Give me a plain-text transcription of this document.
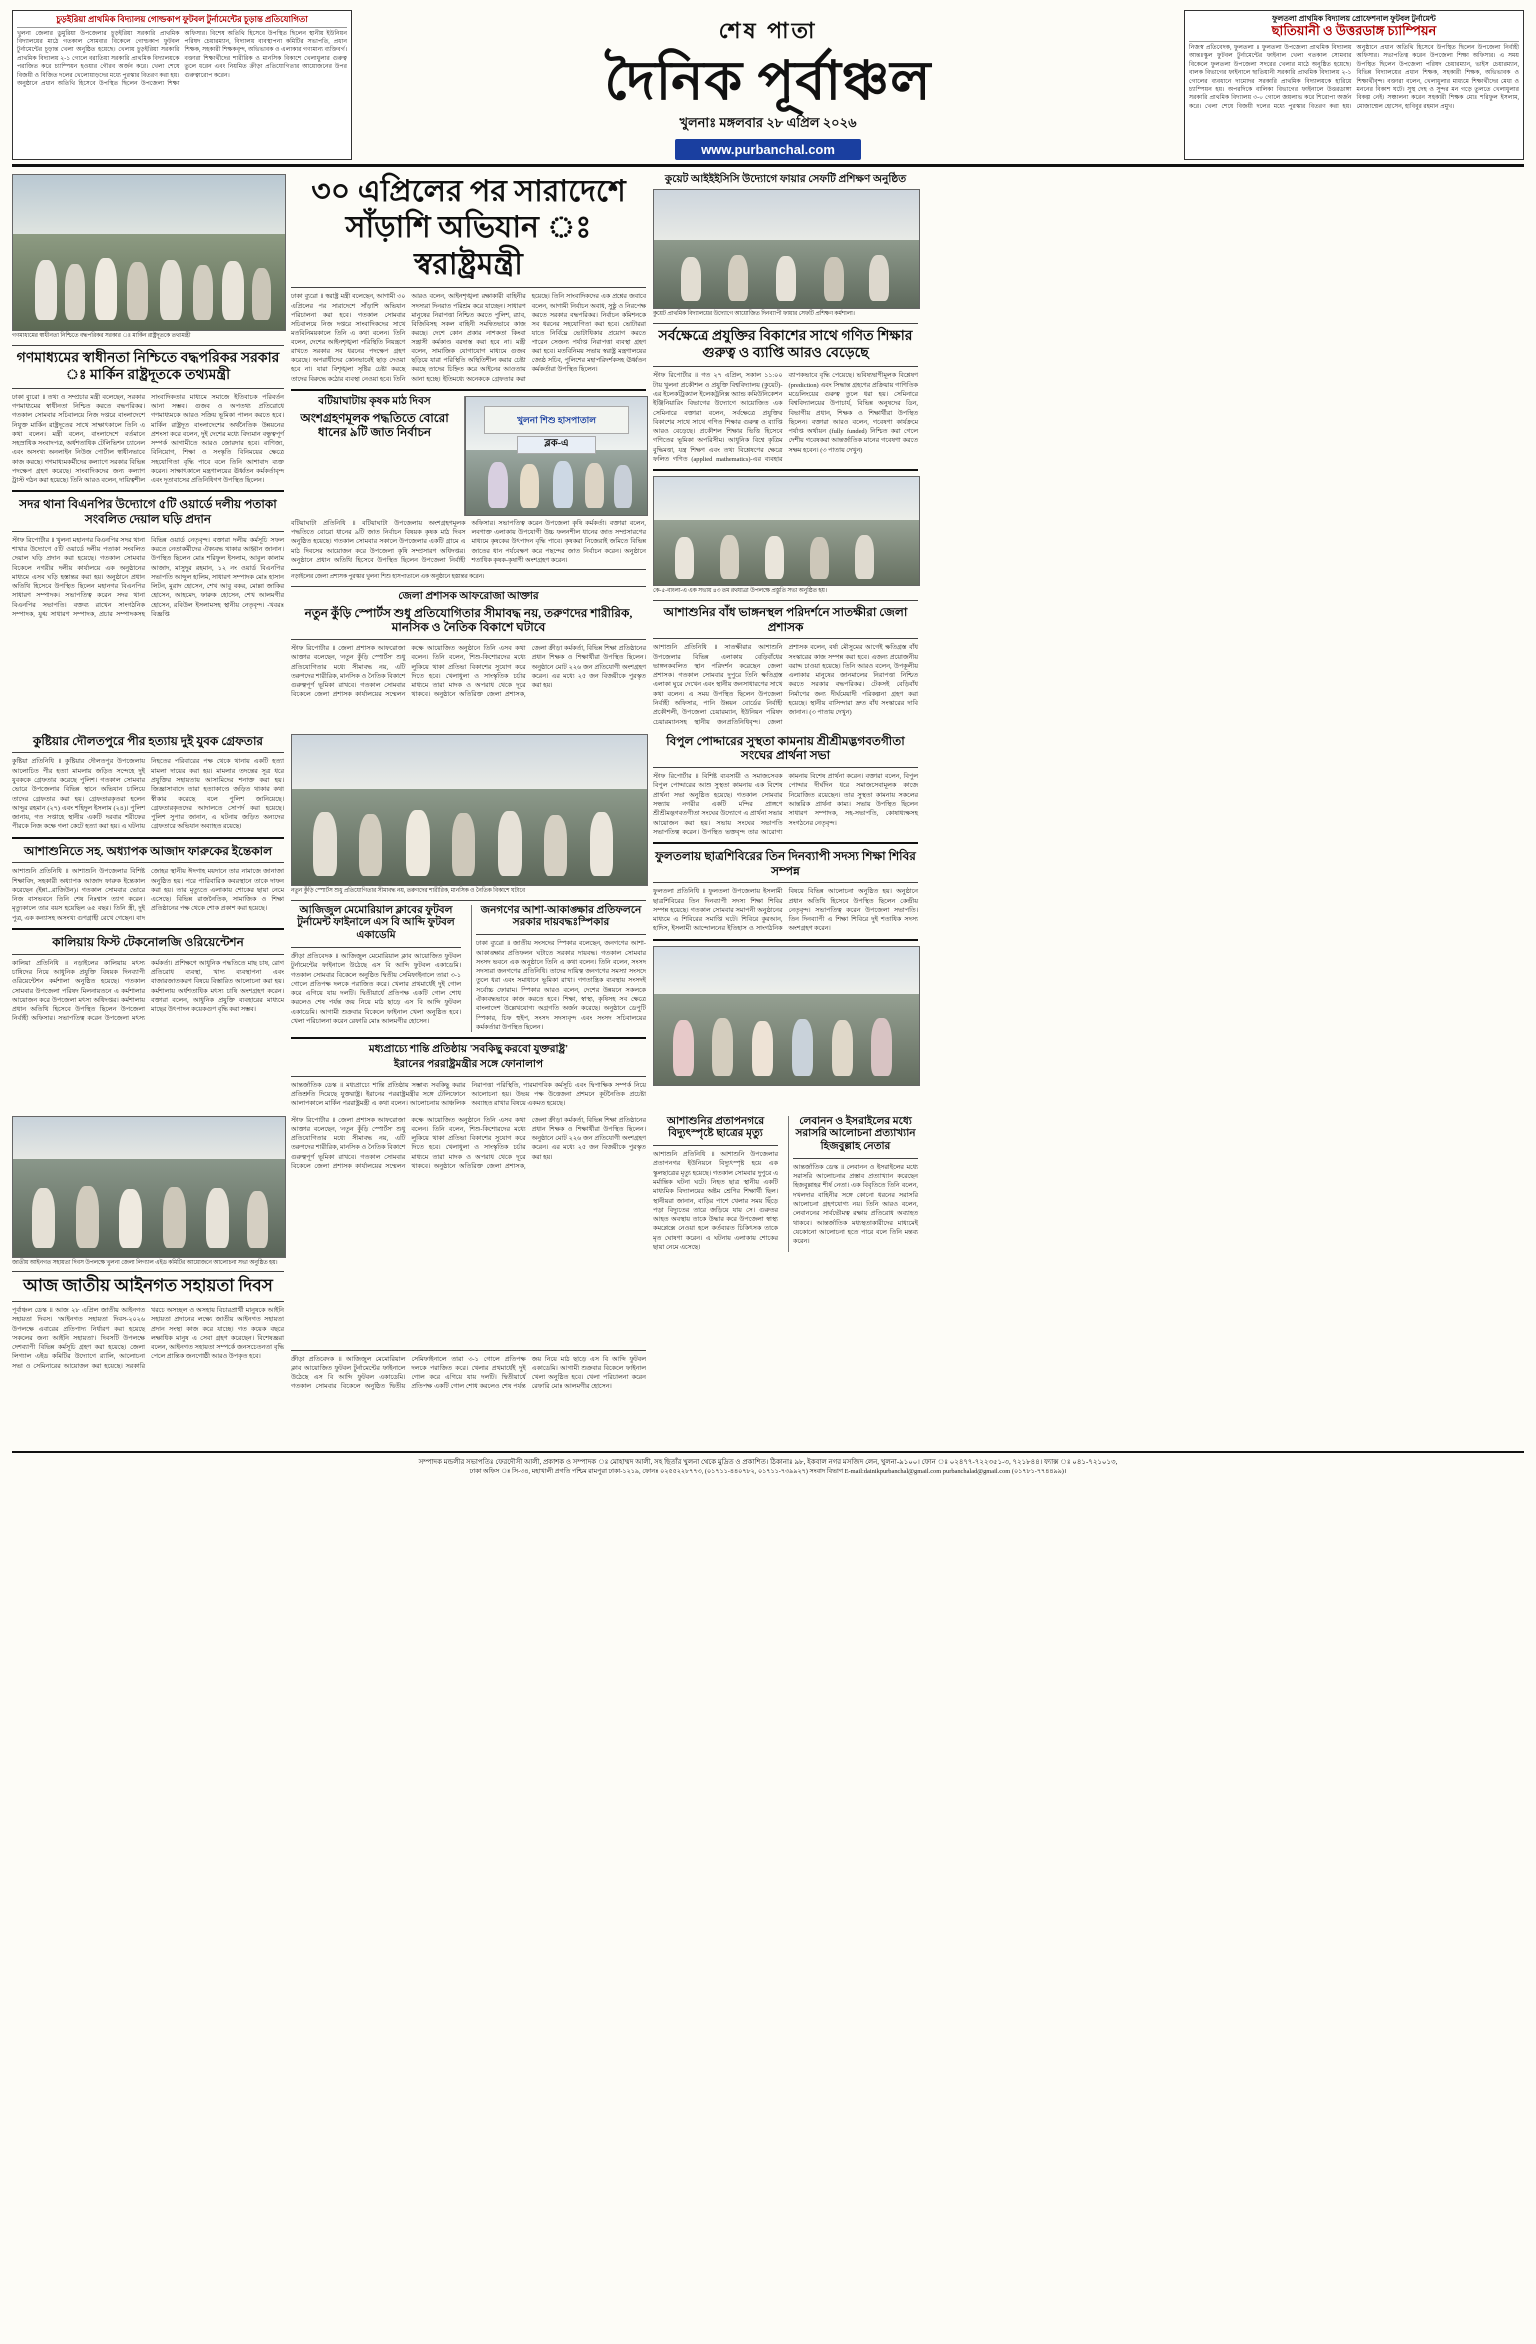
চুড়ইরিয়া প্রাথমিক বিদ্যালয় গোল্ডকাপ ফুটবল টুর্নামেন্টের চূড়ান্ত প্রতিযোগিতা
খুলনা জেলার ডুমুরিয়া উপজেলার চুড়ইরিয়া সরকারি প্রাথমিক বিদ্যালয়ের মাঠে গতকাল সোমবার বিকেলে গোল্ডকাপ ফুটবল টুর্নামেন্টের চূড়ান্ত খেলা অনুষ্ঠিত হয়েছে। খেলায় চুড়ইরিয়া সরকারি প্রাথমিক বিদ্যালয় ২-১ গোলে বরাতিয়া সরকারি প্রাথমিক বিদ্যালয়কে পরাজিত করে চ্যাম্পিয়ন হওয়ার গৌরব অর্জন করে। খেলা শেষে বিজয়ী ও বিজিত দলের খেলোয়াড়দের মধ্যে পুরস্কার বিতরণ করা হয়। অনুষ্ঠানে প্রধান অতিথি হিসেবে উপস্থিত ছিলেন উপজেলা শিক্ষা অফিসার। বিশেষ অতিথি হিসেবে উপস্থিত ছিলেন স্থানীয় ইউনিয়ন পরিষদ চেয়ারম্যান, বিদ্যালয় ব্যবস্থাপনা কমিটির সভাপতি, প্রধান শিক্ষক, সহকারী শিক্ষকবৃন্দ, অভিভাবক ও এলাকার গণ্যমান্য ব্যক্তিবর্গ। বক্তারা শিক্ষার্থীদের শারীরিক ও মানসিক বিকাশে খেলাধুলার গুরুত্ব তুলে ধরেন এবং নিয়মিত ক্রীড়া প্রতিযোগিতার আয়োজনের উপর গুরুত্বারোপ করেন।
শেষ পাতা
দৈনিক পূর্বাঞ্চল
খুলনাঃ মঙ্গলবার ২৮ এপ্রিল ২০২৬
www.purbanchal.com
ফুলতলা প্রাথমিক বিদ্যালয় প্রোফেশনাল ফুটবল টুর্নামেন্ট
ছাতিয়ানী ও উত্তরডাঙ্গ চ্যাম্পিয়ন
নিজস্ব প্রতিবেদক, ফুলতলা ॥ ফুলতলা উপজেলা প্রাথমিক বিদ্যালয় আন্তঃস্কুল ফুটবল টুর্নামেন্টের ফাইনাল খেলা গতকাল সোমবার বিকেলে ফুলতলা উপজেলা সদরের খেলার মাঠে অনুষ্ঠিত হয়েছে। বালক বিভাগের ফাইনালে ছাতিয়ানী সরকারি প্রাথমিক বিদ্যালয় ২-১ গোলের ব্যবধানে দামোদর সরকারি প্রাথমিক বিদ্যালয়কে হারিয়ে চ্যাম্পিয়ন হয়। অপরদিকে বালিকা বিভাগের ফাইনালে উত্তরডাঙ্গা সরকারি প্রাথমিক বিদ্যালয় ৩-০ গোলে জয়লাভ করে শিরোপা অর্জন করে। খেলা শেষে বিজয়ী দলের মধ্যে পুরস্কার বিতরণ করা হয়। অনুষ্ঠানে প্রধান অতিথি হিসেবে উপস্থিত ছিলেন উপজেলা নির্বাহী অফিসার। সভাপতিত্ব করেন উপজেলা শিক্ষা অফিসার। এ সময় উপস্থিত ছিলেন উপজেলা পরিষদ চেয়ারম্যান, ভাইস চেয়ারম্যান, বিভিন্ন বিদ্যালয়ের প্রধান শিক্ষক, সহকারী শিক্ষক, অভিভাবক ও শিক্ষার্থীবৃন্দ। বক্তারা বলেন, খেলাধুলার মাধ্যমে শিক্ষার্থীদের মেধা ও মননের বিকাশ ঘটে। সুস্থ দেহ ও সুন্দর মন গড়ে তুলতে খেলাধুলার বিকল্প নেই। সঞ্চালনা করেন সহকারী শিক্ষক মোঃ শরিফুল ইসলাম, মোজাম্মেল হোসেন, হাবিবুর রহমান প্রমুখ।
গণমাধ্যমের স্বাধীনতা নিশ্চিতে বদ্ধপরিকর সরকার ঃ মার্কিন রাষ্ট্রদূতকে তথ্যমন্ত্রী
গণমাধ্যমের স্বাধীনতা নিশ্চিতে বদ্ধপরিকর সরকার ঃ মার্কিন রাষ্ট্রদূতকে তথ্যমন্ত্রী
ঢাকা ব্যুরো ॥ তথ্য ও সম্প্রচার মন্ত্রী বলেছেন, সরকার গণমাধ্যমের স্বাধীনতা নিশ্চিত করতে বদ্ধপরিকর। গতকাল সোমবার সচিবালয়ে নিজ দপ্তরে বাংলাদেশে নিযুক্ত মার্কিন রাষ্ট্রদূতের সাথে সাক্ষাৎকালে তিনি এ কথা বলেন। মন্ত্রী বলেন, বাংলাদেশে বর্তমানে সহস্রাধিক সংবাদপত্র, অর্ধশতাধিক টেলিভিশন চ্যানেল এবং অসংখ্য অনলাইন নিউজ পোর্টাল স্বাধীনভাবে কাজ করছে। গণমাধ্যমকর্মীদের কল্যাণে সরকার বিভিন্ন পদক্ষেপ গ্রহণ করেছে। সাংবাদিকদের জন্য কল্যাণ ট্রাস্ট গঠন করা হয়েছে। তিনি আরও বলেন, দায়িত্বশীল সাংবাদিকতার মাধ্যমে সমাজে ইতিবাচক পরিবর্তন আনা সম্ভব। গুজব ও অপতথ্য প্রতিরোধে গণমাধ্যমকে আরও সক্রিয় ভূমিকা পালন করতে হবে। মার্কিন রাষ্ট্রদূত বাংলাদেশের অর্থনৈতিক উন্নয়নের প্রশংসা করে বলেন, দুই দেশের মধ্যে বিদ্যমান বন্ধুত্বপূর্ণ সম্পর্ক আগামীতে আরও জোরদার হবে। বাণিজ্য, বিনিয়োগ, শিক্ষা ও সংস্কৃতি বিনিময়ের ক্ষেত্রে সহযোগিতা বৃদ্ধি পাবে বলে তিনি আশাবাদ ব্যক্ত করেন। সাক্ষাৎকালে মন্ত্রণালয়ের ঊর্ধ্বতন কর্মকর্তাবৃন্দ এবং দূতাবাসের প্রতিনিধিগণ উপস্থিত ছিলেন।
সদর থানা বিএনপির উদ্যোগে ৫টি ওয়ার্ডে দলীয় পতাকা সংবলিত দেয়াল ঘড়ি প্রদান
স্টাফ রিপোর্টার ॥ খুলনা মহানগর বিএনপির সদর থানা শাখার উদ্যোগে ৫টি ওয়ার্ডে দলীয় পতাকা সংবলিত দেয়াল ঘড়ি প্রদান করা হয়েছে। গতকাল সোমবার বিকেলে নগরীর দলীয় কার্যালয়ে এক অনুষ্ঠানের মাধ্যমে এসব ঘড়ি হস্তান্তর করা হয়। অনুষ্ঠানে প্রধান অতিথি হিসেবে উপস্থিত ছিলেন মহানগর বিএনপির সাধারণ সম্পাদক। সভাপতিত্ব করেন সদর থানা বিএনপির সভাপতি। বক্তব্য রাখেন সাংগঠনিক সম্পাদক, যুগ্ম সাধারণ সম্পাদক, প্রচার সম্পাদকসহ বিভিন্ন ওয়ার্ড নেতৃবৃন্দ। বক্তারা দলীয় কর্মসূচি সফল করতে নেতাকর্মীদের ঐক্যবদ্ধ থাকার আহ্বান জানান। উপস্থিত ছিলেন মোঃ শরিফুল ইসলাম, আবুল কালাম আজাদ, মাসুদুর রহমান, ১২ নং ওয়ার্ড বিএনপির সভাপতি আব্দুল হালিম, সাধারণ সম্পাদক মোঃ হাসান লিটন, মুরাদ হোসেন, শেখ আবু বকর, মোল্লা জাকির হোসেন, আহমেদ, ফারুক হোসেন, শেখ আলমগীর হোসেন, রবিউল ইসলামসহ স্থানীয় নেতৃবৃন্দ। -খবরঃ বিজ্ঞপ্তি
৩০ এপ্রিলের পর সারাদেশে
সাঁড়াশি অভিযান ঃ স্বরাষ্ট্রমন্ত্রী
ঢাকা ব্যুরো ॥ স্বরাষ্ট্র মন্ত্রী বলেছেন, আগামী ৩০ এপ্রিলের পর সারাদেশে সাঁড়াশি অভিযান পরিচালনা করা হবে। গতকাল সোমবার সচিবালয়ে নিজ দপ্তরে সাংবাদিকদের সাথে মতবিনিময়কালে তিনি এ কথা বলেন। তিনি বলেন, দেশের আইনশৃঙ্খলা পরিস্থিতি নিয়ন্ত্রণে রাখতে সরকার সব ধরনের পদক্ষেপ গ্রহণ করেছে। অপরাধীদের কোনভাবেই ছাড় দেওয়া হবে না। যারা বিশৃঙ্খলা সৃষ্টির চেষ্টা করছে তাদের বিরুদ্ধে কঠোর ব্যবস্থা নেওয়া হবে। তিনি আরও বলেন, আইনশৃঙ্খলা রক্ষাকারী বাহিনীর সদস্যরা দিনরাত পরিশ্রম করে যাচ্ছেন। সাধারণ মানুষের নিরাপত্তা নিশ্চিত করতে পুলিশ, র‌্যাব, বিজিবিসহ সকল বাহিনী সমন্বিতভাবে কাজ করছে। দেশে কোন প্রকার নাশকতা কিংবা সন্ত্রাসী কর্মকাণ্ড বরদাস্ত করা হবে না। মন্ত্রী বলেন, সামাজিক যোগাযোগ মাধ্যমে গুজব ছড়িয়ে যারা পরিস্থিতি অস্থিতিশীল করার চেষ্টা করছে তাদের চিহ্নিত করে আইনের আওতায় আনা হচ্ছে। ইতিমধ্যে অনেককে গ্রেফতার করা হয়েছে। তিনি সাংবাদিকদের এক প্রশ্নের জবাবে বলেন, আগামী নির্বাচন অবাধ, সুষ্ঠু ও নিরপেক্ষ করতে সরকার বদ্ধপরিকর। নির্বাচন কমিশনকে সব ধরনের সহযোগিতা করা হবে। ভোটাররা যাতে নির্বিঘ্নে ভোটাধিকার প্রয়োগ করতে পারেন সেজন্য পর্যাপ্ত নিরাপত্তা ব্যবস্থা গ্রহণ করা হবে। মতবিনিময় সভায় স্বরাষ্ট্র মন্ত্রণালয়ের জ্যেষ্ঠ সচিব, পুলিশের মহাপরিদর্শকসহ ঊর্ধ্বতন কর্মকর্তারা উপস্থিত ছিলেন।
বটিয়াঘাটায় কৃষক মাঠ দিবস
অংশগ্রহণমূলক পদ্ধতিতে বোরো ধানের ৯টি জাত নির্বাচন
খুলনা শিশু হাসপাতাল
ব্লক-এ
বটিয়াঘাটা প্রতিনিধি ॥ বটিয়াঘাটা উপজেলায় অংশগ্রহণমূলক পদ্ধতিতে বোরো ধানের ৯টি জাত নির্বাচন বিষয়ক কৃষক মাঠ দিবস অনুষ্ঠিত হয়েছে। গতকাল সোমবার সকালে উপজেলার একটি গ্রামে এ মাঠ দিবসের আয়োজন করে উপজেলা কৃষি সম্প্রসারণ অধিদপ্তর। অনুষ্ঠানে প্রধান অতিথি হিসেবে উপস্থিত ছিলেন উপজেলা নির্বাহী অফিসার। সভাপতিত্ব করেন উপজেলা কৃষি কর্মকর্তা। বক্তারা বলেন, লবণাক্ত এলাকায় উপযোগী উচ্চ ফলনশীল ধানের জাত সম্প্রসারণের মাধ্যমে কৃষকের উৎপাদন বৃদ্ধি পাবে। কৃষকরা নিজেরাই জমিতে বিভিন্ন জাতের ধান পর্যবেক্ষণ করে পছন্দের জাত নির্বাচন করেন। অনুষ্ঠানে শতাধিক কৃষক-কৃষাণী অংশগ্রহণ করেন।
নড়াইলের জেলা প্রশাসক পুরস্কার খুলনা শিশু হাসপাতালে এক অনুষ্ঠানে হস্তান্তর করেন।
জেলা প্রশাসক আফরোজা আক্তার
নতুন কুঁড়ি স্পোর্টস শুধু প্রতিযোগিতার সীমাবদ্ধ নয়, তরুণদের শারীরিক, মানসিক ও নৈতিক বিকাশে ঘটাবে
স্টাফ রিপোর্টার ॥ জেলা প্রশাসক আফরোজা আক্তার বলেছেন, 'নতুন কুঁড়ি স্পোর্টস' শুধু প্রতিযোগিতার মধ্যে সীমাবদ্ধ নয়, এটি তরুণদের শারীরিক, মানসিক ও নৈতিক বিকাশে গুরুত্বপূর্ণ ভূমিকা রাখবে। গতকাল সোমবার বিকেলে জেলা প্রশাসক কার্যালয়ের সম্মেলন কক্ষে আয়োজিত অনুষ্ঠানে তিনি এসব কথা বলেন। তিনি বলেন, শিশু-কিশোরদের মধ্যে লুকিয়ে থাকা প্রতিভা বিকাশের সুযোগ করে দিতে হবে। খেলাধুলা ও সাংস্কৃতিক চর্চার মাধ্যমে তারা মাদক ও অপরাধ থেকে দূরে থাকবে। অনুষ্ঠানে অতিরিক্ত জেলা প্রশাসক, জেলা ক্রীড়া কর্মকর্তা, বিভিন্ন শিক্ষা প্রতিষ্ঠানের প্রধান শিক্ষক ও শিক্ষার্থীরা উপস্থিত ছিলেন। অনুষ্ঠানে মোট ২২৬ জন প্রতিযোগী অংশগ্রহণ করেন। এর মধ্যে ২৫ জন বিজয়ীকে পুরস্কৃত করা হয়।
কুয়েট আইইইসিসি উদ্যোগে ফায়ার সেফটি প্রশিক্ষণ অনুষ্ঠিত
কুয়েট প্রাথমিক বিদ্যালয়ের উদ্যোগে আয়োজিত দিনব্যাপী ফায়ার সেফটি প্রশিক্ষণ কর্মশালা।
সর্বক্ষেত্রে প্রযুক্তির বিকাশের সাথে গণিত শিক্ষার গুরুত্ব ও ব্যাপ্তি আরও বেড়েছে
স্টাফ রিপোর্টার ॥ গত ২৭ এপ্রিল, সকাল ১১:০০ টায় খুলনা প্রকৌশল ও প্রযুক্তি বিশ্ববিদ্যালয় (কুয়েট)-এর ইলেকট্রিক্যাল ইলেকট্রনিক্স অ্যান্ড কমিউনিকেশন ইঞ্জিনিয়ারিং বিভাগের উদ্যোগে আয়োজিত এক সেমিনারে বক্তারা বলেন, সর্বক্ষেত্রে প্রযুক্তির বিকাশের সাথে সাথে গণিত শিক্ষার গুরুত্ব ও ব্যাপ্তি আরও বেড়েছে। প্রকৌশল শিক্ষার ভিত্তি হিসেবে গণিতের ভূমিকা অপরিসীম। আধুনিক বিশ্বে কৃত্রিম বুদ্ধিমত্তা, যন্ত্র শিক্ষণ এবং তথ্য বিশ্লেষণের ক্ষেত্রে ফলিত গণিত (applied mathematics)-এর ব্যবহার ব্যাপকভাবে বৃদ্ধি পেয়েছে। ভবিষ্যদ্বাণীমূলক বিশ্লেষণ (prediction) এবং সিদ্ধান্ত গ্রহণের প্রক্রিয়ায় গাণিতিক মডেলিংয়ের গুরুত্ব তুলে ধরা হয়। সেমিনারে বিশ্ববিদ্যালয়ের উপাচার্য, বিভিন্ন অনুষদের ডিন, বিভাগীয় প্রধান, শিক্ষক ও শিক্ষার্থীরা উপস্থিত ছিলেন। বক্তারা আরও বলেন, গবেষণা কার্যক্রমে পর্যাপ্ত অর্থায়ন (fully funded) নিশ্চিত করা গেলে দেশীয় গবেষকরা আন্তর্জাতিক মানের গবেষণা করতে সক্ষম হবেন। (৩ পাতায় দেখুন)
কে-৫-বাংলা-এ এক সভায় ৪৩ তম রথযাত্রা উপলক্ষে প্রস্তুতি সভা অনুষ্ঠিত হয়।
আশাশুনির বাঁধ ভাঙ্গনস্থল পরিদর্শনে সাতক্ষীরা জেলা প্রশাসক
আশাশুনি প্রতিনিধি ॥ সাতক্ষীরার আশাশুনি উপজেলার বিভিন্ন এলাকায় বেড়িবাঁধের ভাঙ্গনকবলিত স্থান পরিদর্শন করেছেন জেলা প্রশাসক। গতকাল সোমবার দুপুরে তিনি ক্ষতিগ্রস্ত এলাকা ঘুরে দেখেন এবং স্থানীয় জনসাধারণের সাথে কথা বলেন। এ সময় উপস্থিত ছিলেন উপজেলা নির্বাহী অফিসার, পানি উন্নয়ন বোর্ডের নির্বাহী প্রকৌশলী, উপজেলা চেয়ারম্যান, ইউনিয়ন পরিষদ চেয়ারম্যানসহ স্থানীয় জনপ্রতিনিধিবৃন্দ। জেলা প্রশাসক বলেন, বর্ষা মৌসুমের আগেই ক্ষতিগ্রস্ত বাঁধ সংস্কারের কাজ সম্পন্ন করা হবে। এজন্য প্রয়োজনীয় বরাদ্দ চাওয়া হয়েছে। তিনি আরও বলেন, উপকূলীয় এলাকার মানুষের জানমালের নিরাপত্তা নিশ্চিত করতে সরকার বদ্ধপরিকর। টেকসই বেড়িবাঁধ নির্মাণের জন্য দীর্ঘমেয়াদী পরিকল্পনা গ্রহণ করা হয়েছে। স্থানীয় বাসিন্দারা দ্রুত বাঁধ সংস্কারের দাবি জানান। (৩ পাতায় দেখুন)
কুষ্টিয়ার দৌলতপুরে পীর হত্যায় দুই যুবক গ্রেফতার
কুষ্টিয়া প্রতিনিধি ॥ কুষ্টিয়ার দৌলতপুর উপজেলায় আলোচিত পীর হত্যা মামলায় জড়িত সন্দেহে দুই যুবককে গ্রেফতার করেছে পুলিশ। গতকাল সোমবার ভোরে উপজেলার বিভিন্ন স্থানে অভিযান চালিয়ে তাদের গ্রেফতার করা হয়। গ্রেফতারকৃতরা হলেন আব্দুর রহমান (২৭) এবং শহিদুল ইসলাম (২৪)। পুলিশ জানায়, গত সপ্তাহে স্থানীয় একটি দরবার শরীফের পীরকে নিজ কক্ষে গলা কেটে হত্যা করা হয়। এ ঘটনায় নিহতের পরিবারের পক্ষ থেকে থানায় একটি হত্যা মামলা দায়ের করা হয়। মামলার তদন্তের সূত্র ধরে প্রযুক্তির সহায়তায় আসামিদের শনাক্ত করা হয়। জিজ্ঞাসাবাদে তারা হত্যাকাণ্ডে জড়িত থাকার কথা স্বীকার করেছে বলে পুলিশ জানিয়েছে। গ্রেফতারকৃতদের আদালতে সোপর্দ করা হয়েছে। পুলিশ সুপার জানান, এ ঘটনায় জড়িত অন্যদের গ্রেফতারে অভিযান অব্যাহত রয়েছে।
আশাশুনিতে সহ. অধ্যাপক আজাদ ফারুকের ইন্তেকাল
আশাশুনি প্রতিনিধি ॥ আশাশুনি উপজেলার বিশিষ্ট শিক্ষাবিদ, সহকারী অধ্যাপক আজাদ ফারুক ইন্তেকাল করেছেন (ইন্না...রাজিউন)। গতকাল সোমবার ভোরে নিজ বাসভবনে তিনি শেষ নিঃশ্বাস ত্যাগ করেন। মৃত্যুকালে তার বয়স হয়েছিল ৬৫ বছর। তিনি স্ত্রী, দুই পুত্র, এক কন্যাসহ অসংখ্য গুণগ্রাহী রেখে গেছেন। বাদ জোহর স্থানীয় ঈদগাহ ময়দানে তার নামাজে জানাজা অনুষ্ঠিত হয়। পরে পারিবারিক কবরস্থানে তাকে দাফন করা হয়। তার মৃত্যুতে এলাকায় শোকের ছায়া নেমে এসেছে। বিভিন্ন রাজনৈতিক, সামাজিক ও শিক্ষা প্রতিষ্ঠানের পক্ষ থেকে শোক প্রকাশ করা হয়েছে।
কালিয়ায় ফিস্ট টেকনোলজি ওরিয়েন্টেশন
কালিয়া প্রতিনিধি ॥ নড়াইলের কালিয়ায় মৎস্য চাষিদের নিয়ে আধুনিক প্রযুক্তি বিষয়ক দিনব্যাপী ওরিয়েন্টেশন কর্মশালা অনুষ্ঠিত হয়েছে। গতকাল সোমবার উপজেলা পরিষদ মিলনায়তনে এ কর্মশালার আয়োজন করে উপজেলা মৎস্য অধিদপ্তর। কর্মশালায় প্রধান অতিথি হিসেবে উপস্থিত ছিলেন উপজেলা নির্বাহী অফিসার। সভাপতিত্ব করেন উপজেলা মৎস্য কর্মকর্তা। প্রশিক্ষণে আধুনিক পদ্ধতিতে মাছ চাষ, রোগ প্রতিরোধ ব্যবস্থা, খাদ্য ব্যবস্থাপনা এবং বাজারজাতকরণ বিষয়ে বিস্তারিত আলোচনা করা হয়। কর্মশালায় অর্ধশতাধিক মৎস্য চাষি অংশগ্রহণ করেন। বক্তারা বলেন, আধুনিক প্রযুক্তি ব্যবহারের মাধ্যমে মাছের উৎপাদন কয়েকগুণ বৃদ্ধি করা সম্ভব।
নতুন কুঁড়ি স্পোর্টস শুধু প্রতিযোগিতার সীমাবদ্ধ নয়, তরুণদের শারীরিক, মানসিক ও নৈতিক বিকাশে ঘটাবে
আজিজুল মেমোরিয়াল ক্লাবের ফুটবল টুর্নামেন্ট ফাইনালে এস বি আব্দি ফুটবল একাডেমি
ক্রীড়া প্রতিবেদক ॥ আজিজুল মেমোরিয়াল ক্লাব আয়োজিত ফুটবল টুর্নামেন্টের ফাইনালে উঠেছে এস বি আব্দি ফুটবল একাডেমি। গতকাল সোমবার বিকেলে অনুষ্ঠিত দ্বিতীয় সেমিফাইনালে তারা ৩-১ গোলে প্রতিপক্ষ দলকে পরাজিত করে। খেলার প্রথমার্ধেই দুই গোল করে এগিয়ে যায় দলটি। দ্বিতীয়ার্ধে প্রতিপক্ষ একটি গোল শোধ করলেও শেষ পর্যন্ত জয় নিয়ে মাঠ ছাড়ে এস বি আব্দি ফুটবল একাডেমি। আগামী শুক্রবার বিকেলে ফাইনাল খেলা অনুষ্ঠিত হবে। খেলা পরিচালনা করেন রেফারি মোঃ আলমগীর হোসেন।
জনগণের আশা-আকাঙ্ক্ষার প্রতিফলনে সরকার দায়বদ্ধঃস্পিকার
ঢাকা ব্যুরো ॥ জাতীয় সংসদের স্পিকার বলেছেন, জনগণের আশা-আকাঙ্ক্ষার প্রতিফলন ঘটাতে সরকার দায়বদ্ধ। গতকাল সোমবার সংসদ ভবনে এক অনুষ্ঠানে তিনি এ কথা বলেন। তিনি বলেন, সংসদ সদস্যরা জনগণের প্রতিনিধি। তাদের দায়িত্ব জনগণের সমস্যা সংসদে তুলে ধরা এবং সমাধানে ভূমিকা রাখা। গণতান্ত্রিক ব্যবস্থায় সংসদই সর্বোচ্চ ফোরাম। স্পিকার আরও বলেন, দেশের উন্নয়নে সকলকে ঐক্যবদ্ধভাবে কাজ করতে হবে। শিক্ষা, স্বাস্থ্য, কৃষিসহ সব ক্ষেত্রে বাংলাদেশ উল্লেখযোগ্য অগ্রগতি অর্জন করেছে। অনুষ্ঠানে ডেপুটি স্পিকার, চিফ হুইপ, সংসদ সদস্যবৃন্দ এবং সংসদ সচিবালয়ের কর্মকর্তারা উপস্থিত ছিলেন।
মধ্যপ্রাচ্যে শান্তি প্রতিষ্ঠায় 'সবকিছু করবো যুক্তরাষ্ট্র'
ইরানের পররাষ্ট্রমন্ত্রীর সঙ্গে ফোনালাপ
আন্তর্জাতিক ডেস্ক ॥ মধ্যপ্রাচ্যে শান্তি প্রতিষ্ঠায় সম্ভাব্য সবকিছু করার প্রতিশ্রুতি দিয়েছে যুক্তরাষ্ট্র। ইরানের পররাষ্ট্রমন্ত্রীর সঙ্গে টেলিফোনে আলাপকালে মার্কিন পররাষ্ট্রমন্ত্রী এ কথা বলেন। আলোচনায় আঞ্চলিক নিরাপত্তা পরিস্থিতি, পারমাণবিক কর্মসূচি এবং দ্বিপাক্ষিক সম্পর্ক নিয়ে আলোচনা হয়। উভয় পক্ষ উত্তেজনা প্রশমনে কূটনৈতিক প্রচেষ্টা অব্যাহত রাখার বিষয়ে একমত হয়েছে।
বিপুল পোদ্দারের সুস্থতা কামনায় শ্রীশ্রীমদ্ভগবতগীতা সংঘের প্রার্থনা সভা
স্টাফ রিপোর্টার ॥ বিশিষ্ট ব্যবসায়ী ও সমাজসেবক বিপুল পোদ্দারের আশু সুস্থতা কামনায় এক বিশেষ প্রার্থনা সভা অনুষ্ঠিত হয়েছে। গতকাল সোমবার সন্ধ্যায় নগরীর একটি মন্দির প্রাঙ্গণে শ্রীশ্রীমদ্ভগবতগীতা সংঘের উদ্যোগে এ প্রার্থনা সভার আয়োজন করা হয়। সভায় সংঘের সভাপতি সভাপতিত্ব করেন। উপস্থিত ভক্তবৃন্দ তার আরোগ্য কামনায় বিশেষ প্রার্থনা করেন। বক্তারা বলেন, বিপুল পোদ্দার দীর্ঘদিন ধরে সমাজসেবামূলক কাজে নিয়োজিত রয়েছেন। তার সুস্থতা কামনায় সকলের আন্তরিক প্রার্থনা কাম্য। সভায় উপস্থিত ছিলেন সাধারণ সম্পাদক, সহ-সভাপতি, কোষাধ্যক্ষসহ সংগঠনের নেতৃবৃন্দ।
ফুলতলায় ছাত্রশিবিরের তিন দিনব্যাপী সদস্য শিক্ষা শিবির সম্পন্ন
ফুলতলা প্রতিনিধি ॥ ফুলতলা উপজেলায় ইসলামী ছাত্রশিবিরের তিন দিনব্যাপী সদস্য শিক্ষা শিবির সম্পন্ন হয়েছে। গতকাল সোমবার সমাপনী অনুষ্ঠানের মাধ্যমে এ শিবিরের সমাপ্তি ঘটে। শিবিরে কুরআন, হাদিস, ইসলামী আন্দোলনের ইতিহাস ও সাংগঠনিক বিষয়ে বিভিন্ন আলোচনা অনুষ্ঠিত হয়। অনুষ্ঠানে প্রধান অতিথি হিসেবে উপস্থিত ছিলেন কেন্দ্রীয় নেতৃবৃন্দ। সভাপতিত্ব করেন উপজেলা সভাপতি। তিন দিনব্যাপী এ শিক্ষা শিবিরে দুই শতাধিক সদস্য অংশগ্রহণ করেন।
জাতীয় আইনগত সহায়তা দিবস উপলক্ষে খুলনা জেলা লিগ্যাল এইড কমিটির আয়োজনে আলোচনা সভা অনুষ্ঠিত হয়।
আজ জাতীয় আইনগত সহায়তা দিবস
পূর্বাঞ্চল ডেস্ক ॥ আজ ২৮ এপ্রিল জাতীয় আইনগত সহায়তা দিবস। 'আইনগত সহায়তা দিবস-২০২৬ উপলক্ষে এবারের প্রতিপাদ্য নির্ধারণ করা হয়েছে 'সকলের জন্য আইনি সহায়তা'। দিবসটি উপলক্ষে দেশব্যাপী বিভিন্ন কর্মসূচি গ্রহণ করা হয়েছে। জেলা লিগ্যাল এইড কমিটির উদ্যোগে র‌্যালি, আলোচনা সভা ও সেমিনারের আয়োজন করা হয়েছে। সরকারি খরচে অসচ্ছল ও অসহায় বিচারপ্রার্থী মানুষকে আইনি সহায়তা প্রদানের লক্ষ্যে জাতীয় আইনগত সহায়তা প্রদান সংস্থা কাজ করে যাচ্ছে। গত কয়েক বছরে লক্ষাধিক মানুষ এ সেবা গ্রহণ করেছেন। বিশেষজ্ঞরা বলেন, আইনগত সহায়তা সম্পর্কে জনসচেতনতা বৃদ্ধি পেলে প্রান্তিক জনগোষ্ঠী আরও উপকৃত হবে।
স্টাফ রিপোর্টার ॥ জেলা প্রশাসক আফরোজা আক্তার বলেছেন, 'নতুন কুঁড়ি স্পোর্টস' শুধু প্রতিযোগিতার মধ্যে সীমাবদ্ধ নয়, এটি তরুণদের শারীরিক, মানসিক ও নৈতিক বিকাশে গুরুত্বপূর্ণ ভূমিকা রাখবে। গতকাল সোমবার বিকেলে জেলা প্রশাসক কার্যালয়ের সম্মেলন কক্ষে আয়োজিত অনুষ্ঠানে তিনি এসব কথা বলেন। তিনি বলেন, শিশু-কিশোরদের মধ্যে লুকিয়ে থাকা প্রতিভা বিকাশের সুযোগ করে দিতে হবে। খেলাধুলা ও সাংস্কৃতিক চর্চার মাধ্যমে তারা মাদক ও অপরাধ থেকে দূরে থাকবে। অনুষ্ঠানে অতিরিক্ত জেলা প্রশাসক, জেলা ক্রীড়া কর্মকর্তা, বিভিন্ন শিক্ষা প্রতিষ্ঠানের প্রধান শিক্ষক ও শিক্ষার্থীরা উপস্থিত ছিলেন। অনুষ্ঠানে মোট ২২৬ জন প্রতিযোগী অংশগ্রহণ করেন। এর মধ্যে ২৫ জন বিজয়ীকে পুরস্কৃত করা হয়।
ক্রীড়া প্রতিবেদক ॥ আজিজুল মেমোরিয়াল ক্লাব আয়োজিত ফুটবল টুর্নামেন্টের ফাইনালে উঠেছে এস বি আব্দি ফুটবল একাডেমি। গতকাল সোমবার বিকেলে অনুষ্ঠিত দ্বিতীয় সেমিফাইনালে তারা ৩-১ গোলে প্রতিপক্ষ দলকে পরাজিত করে। খেলার প্রথমার্ধেই দুই গোল করে এগিয়ে যায় দলটি। দ্বিতীয়ার্ধে প্রতিপক্ষ একটি গোল শোধ করলেও শেষ পর্যন্ত জয় নিয়ে মাঠ ছাড়ে এস বি আব্দি ফুটবল একাডেমি। আগামী শুক্রবার বিকেলে ফাইনাল খেলা অনুষ্ঠিত হবে। খেলা পরিচালনা করেন রেফারি মোঃ আলমগীর হোসেন।
আশাশুনির প্রতাপনগরে বিদ্যুৎস্পৃষ্টে ছাত্রের মৃত্যু
আশাশুনি প্রতিনিধি ॥ আশাশুনি উপজেলার প্রতাপনগর ইউনিয়নে বিদ্যুৎস্পৃষ্ট হয়ে এক স্কুলছাত্রের মৃত্যু হয়েছে। গতকাল সোমবার দুপুরে এ মর্মান্তিক ঘটনা ঘটে। নিহত ছাত্র স্থানীয় একটি মাধ্যমিক বিদ্যালয়ের অষ্টম শ্রেণির শিক্ষার্থী ছিল। স্থানীয়রা জানান, বাড়ির পাশে খেলার সময় ছিঁড়ে পড়া বিদ্যুতের তারে জড়িয়ে যায় সে। গুরুতর আহত অবস্থায় তাকে উদ্ধার করে উপজেলা স্বাস্থ্য কমপ্লেক্সে নেওয়া হলে কর্তব্যরত চিকিৎসক তাকে মৃত ঘোষণা করেন। এ ঘটনায় এলাকায় শোকের ছায়া নেমে এসেছে।
লেবানন ও ইসরাইলের মধ্যে সরাসরি আলোচনা প্রত্যাখ্যান হিজবুল্লাহ নেতার
আন্তর্জাতিক ডেস্ক ॥ লেবানন ও ইসরাইলের মধ্যে সরাসরি আলোচনার প্রস্তাব প্রত্যাখ্যান করেছেন হিজবুল্লাহর শীর্ষ নেতা। এক বিবৃতিতে তিনি বলেন, দখলদার বাহিনীর সঙ্গে কোনো ধরনের সরাসরি আলোচনা গ্রহণযোগ্য নয়। তিনি আরও বলেন, লেবাননের সার্বভৌমত্ব রক্ষায় প্রতিরোধ অব্যাহত থাকবে। আন্তর্জাতিক মধ্যস্থতাকারীদের মাধ্যমেই যেকোনো আলোচনা হতে পারে বলে তিনি মন্তব্য করেন।
সম্পাদক মন্ডলীর সভাপতিঃ ফেরদৌসী আলী, প্রকাশক ও সম্পাদক ঃ মোহাম্মদ আলী, সহ ছিতাঁর খুলনা থেকে মুদ্রিত ও প্রকাশিত। ঠিকানাঃ ৯৮, ইকবাল নগর মসজিদ লেন, খুলনা-৯১০০। ফোন ঃ ০২৪৭৭-৭২২৩৫১-৩, ৭২১৮৪৪। ফ্যাক্স ঃ ০৪১-৭২১০১৩,
ঢাকা অফিস ঃ সি-৩৪, মহাখালী প্রগতি পশ্চিম রামপুরা ঢাকা-১২১৯, ফোনঃ ০২৫৫২২৮৭৭৩, (০১৭১১-৪৪০৭৮২, ০১৭১১-৭৩৯৯২৭) সংবাদ বিভাগ E-mail:dainikpurbanchal@gmail.com purbanchalad@gmail.com (০১৭৮১-৭৭৪৪৯৯)।
